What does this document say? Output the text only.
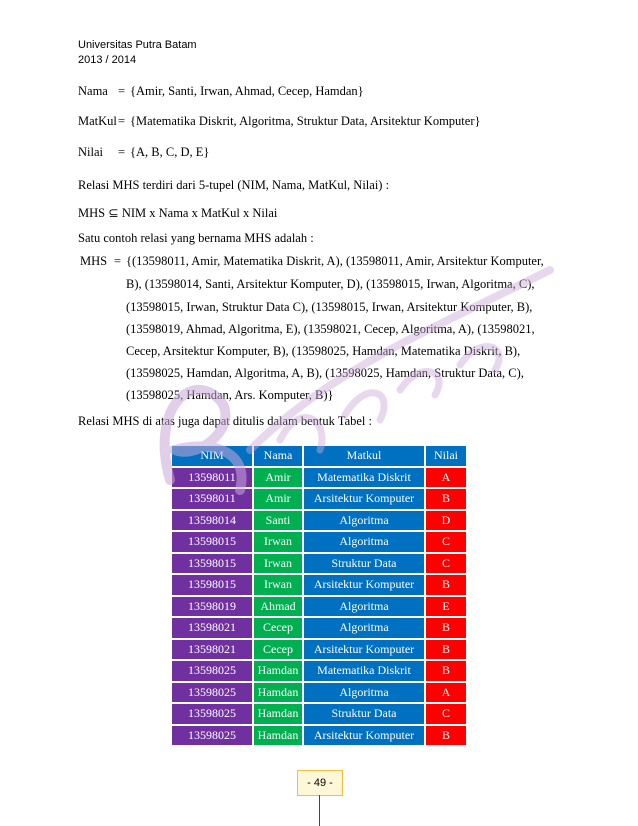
Universitas Putra Batam
2013 / 2014
Nama = {Amir, Santi, Irwan, Ahmad, Cecep, Hamdan}
MatKul= {Matematika Diskrit, Algoritma, Struktur Data, Arsitektur Komputer}
Nilai = {A, B, C, D, E}
Relasi MHS terdiri dari 5-tupel (NIM, Nama, MatKul, Nilai) :
MHS ⊆ NIM x Nama x MatKul x Nilai
Satu contoh relasi yang bernama MHS adalah :
MHS = {(13598011, Amir, Matematika Diskrit, A), (13598011, Amir, Arsitektur Komputer,
B), (13598014, Santi, Arsitektur Komputer, D), (13598015, Irwan, Algoritma, C),
(13598015, Irwan, Struktur Data C), (13598015, Irwan, Arsitektur Komputer, B),
(13598019, Ahmad, Algoritma, E), (13598021, Cecep, Algoritma, A), (13598021,
Cecep, Arsitektur Komputer, B), (13598025, Hamdan, Matematika Diskrit, B),
(13598025, Hamdan, Algoritma, A, B), (13598025, Hamdan, Struktur Data, C),
(13598025, Hamdan, Ars. Komputer, B)}
Relasi MHS di atas juga dapat ditulis dalam bentuk Tabel :
NIM	Nama	Matkul	Nilai
13598011	Amir	Matematika Diskrit	A
13598011	Amir	Arsitektur Komputer	B
13598014	Santi	Algoritma	D
13598015	Irwan	Algoritma	C
13598015	Irwan	Struktur Data	C
13598015	Irwan	Arsitektur Komputer	B
13598019	Ahmad	Algoritma	E
13598021	Cecep	Algoritma	B
13598021	Cecep	Arsitektur Komputer	B
13598025	Hamdan	Matematika Diskrit	B
13598025	Hamdan	Algoritma	A
13598025	Hamdan	Struktur Data	C
13598025	Hamdan	Arsitektur Komputer	B
- 49 -
